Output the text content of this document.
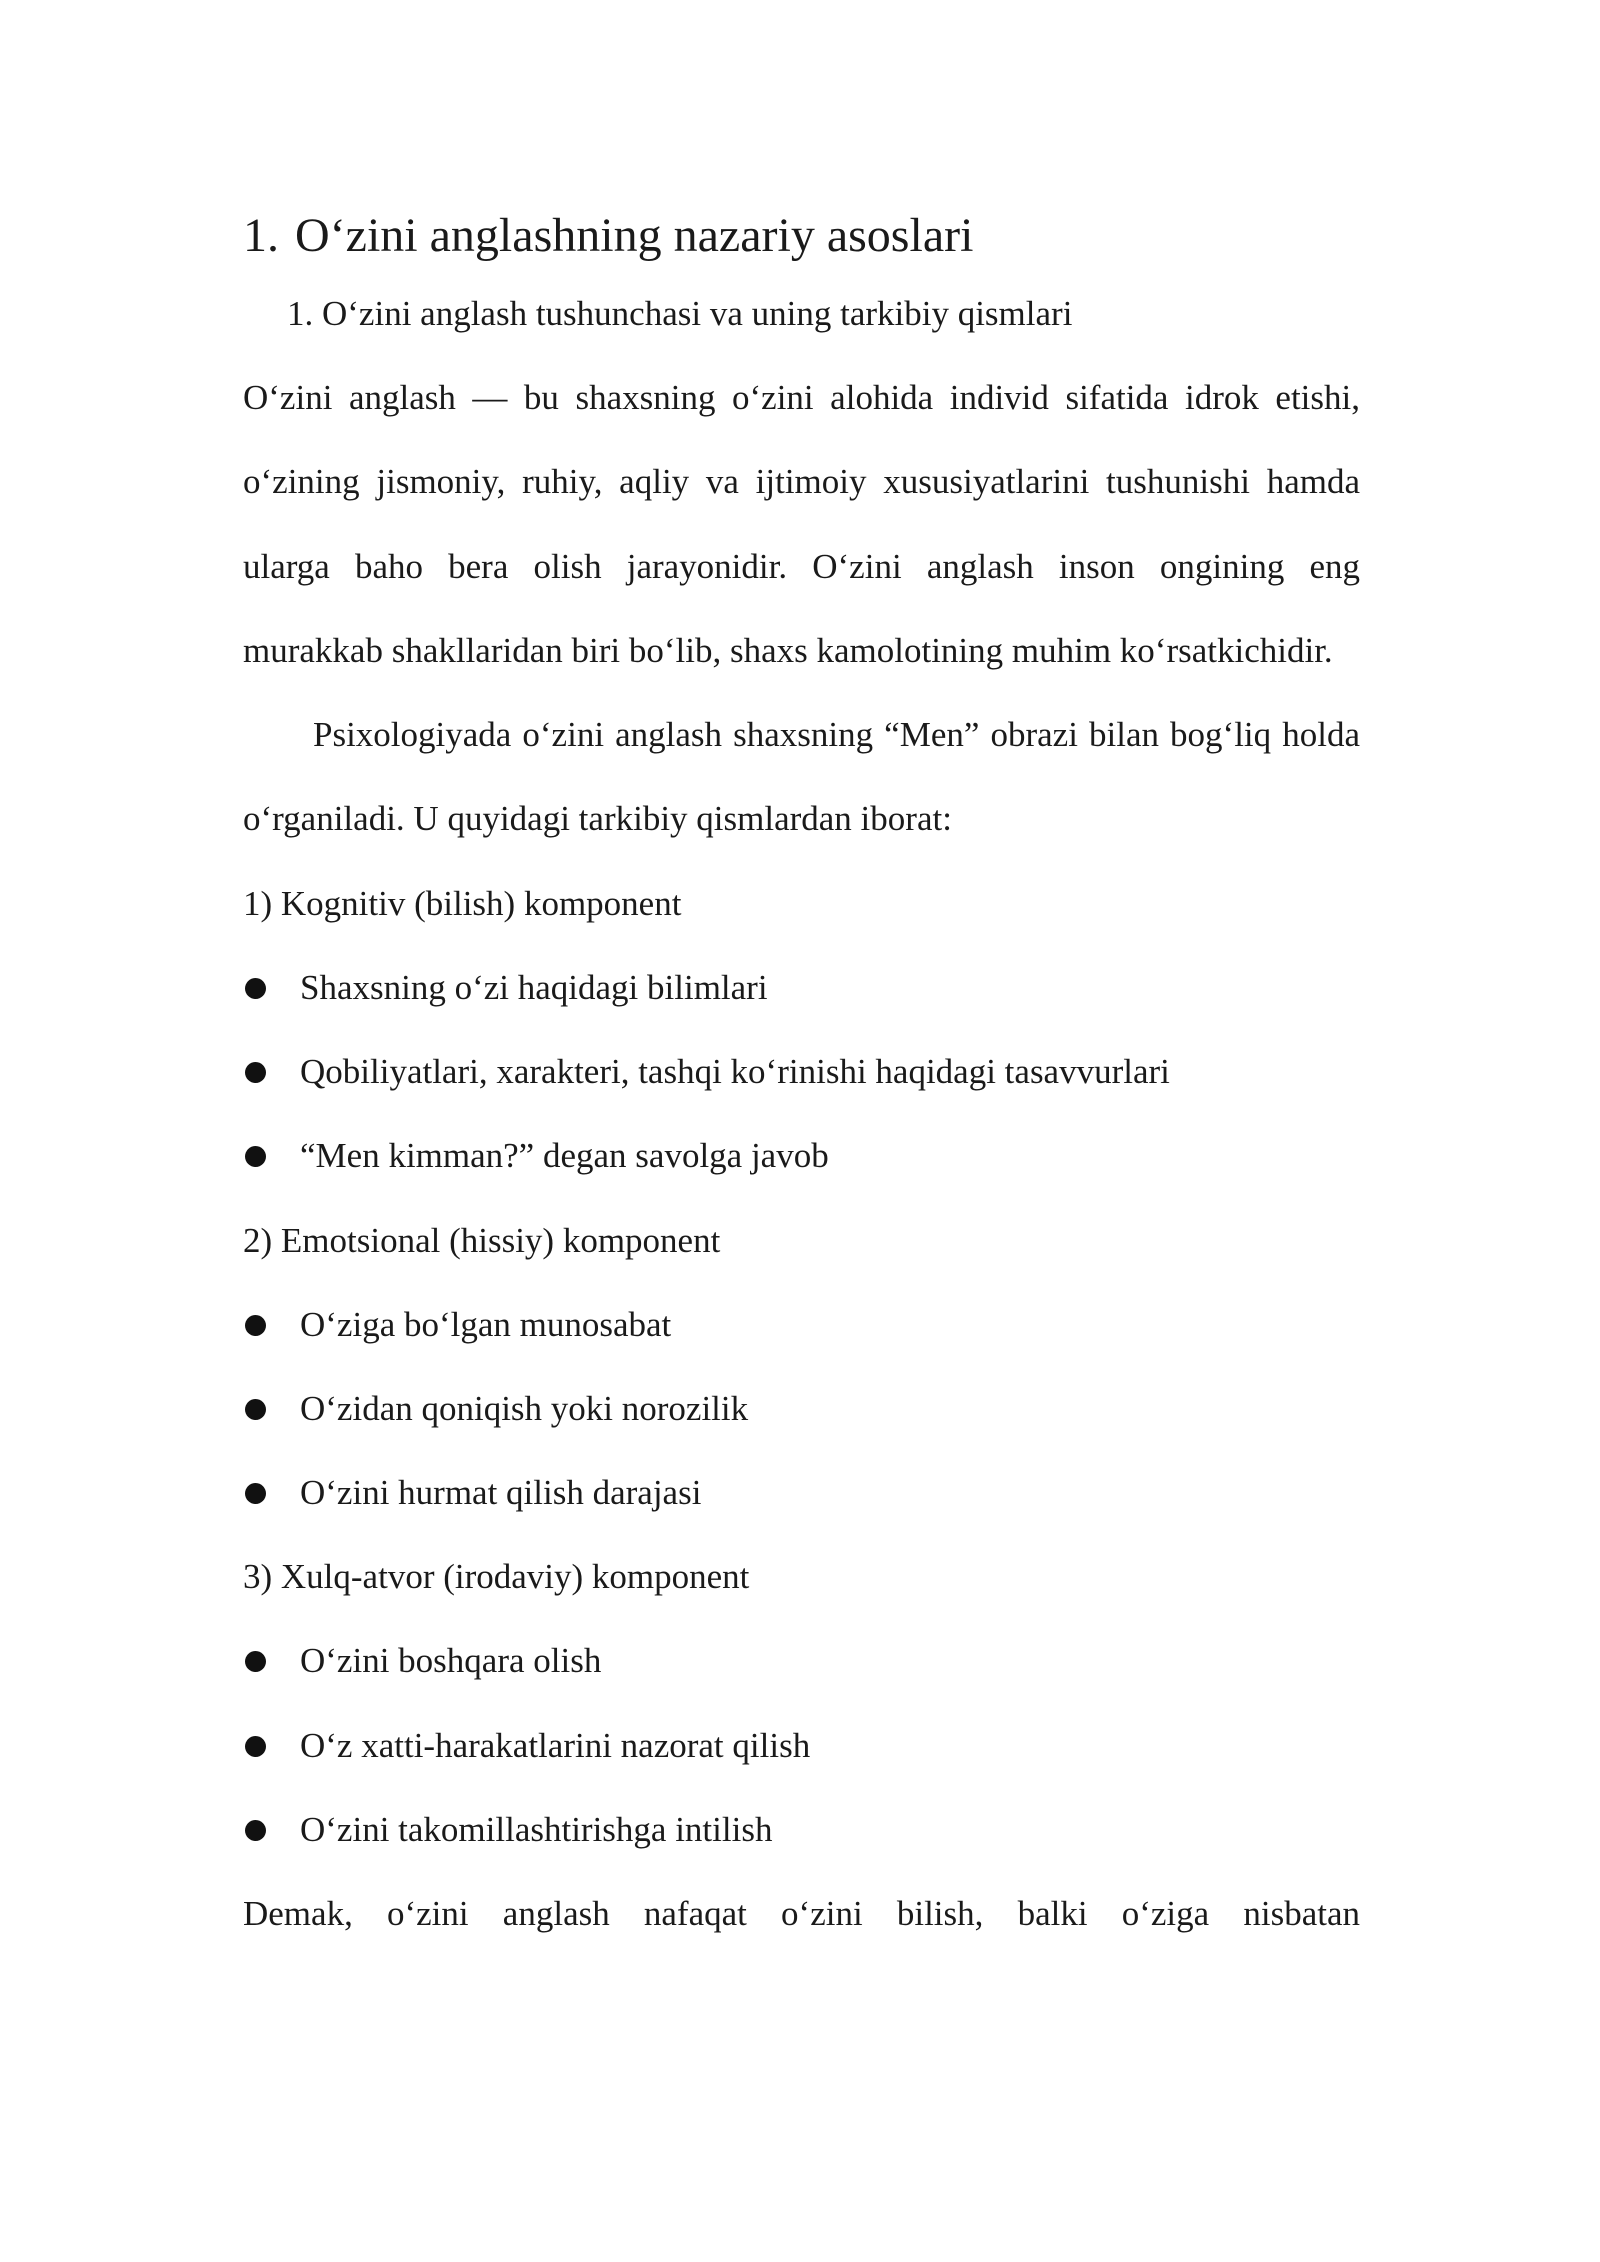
1. O‘zini anglashning nazariy asoslari
1. O‘zini anglash tushunchasi va uning tarkibiy qismlari

O‘zini anglash — bu shaxsning o‘zini alohida individ sifatida idrok etishi, o‘zining jismoniy, ruhiy, aqliy va ijtimoiy xususiyatlarini tushunishi hamda ularga baho bera olish jarayonidir. O‘zini anglash inson ongining eng murakkab shakllaridan biri bo‘lib, shaxs kamolotining muhim ko‘rsatkichidir.

Psixologiyada o‘zini anglash shaxsning “Men” obrazi bilan bog‘liq holda o‘rganiladi. U quyidagi tarkibiy qismlardan iborat:

1) Kognitiv (bilish) komponent
Shaxsning o‘zi haqidagi bilimlari
Qobiliyatlari, xarakteri, tashqi ko‘rinishi haqidagi tasavvurlari
“Men kimman?” degan savolga javob
2) Emotsional (hissiy) komponent
O‘ziga bo‘lgan munosabat
O‘zidan qoniqish yoki norozilik
O‘zini hurmat qilish darajasi
3) Xulq-atvor (irodaviy) komponent
O‘zini boshqara olish
O‘z xatti-harakatlarini nazorat qilish
O‘zini takomillashtirishga intilish

Demak, o‘zini anglash nafaqat o‘zini bilish, balki o‘ziga nisbatan
